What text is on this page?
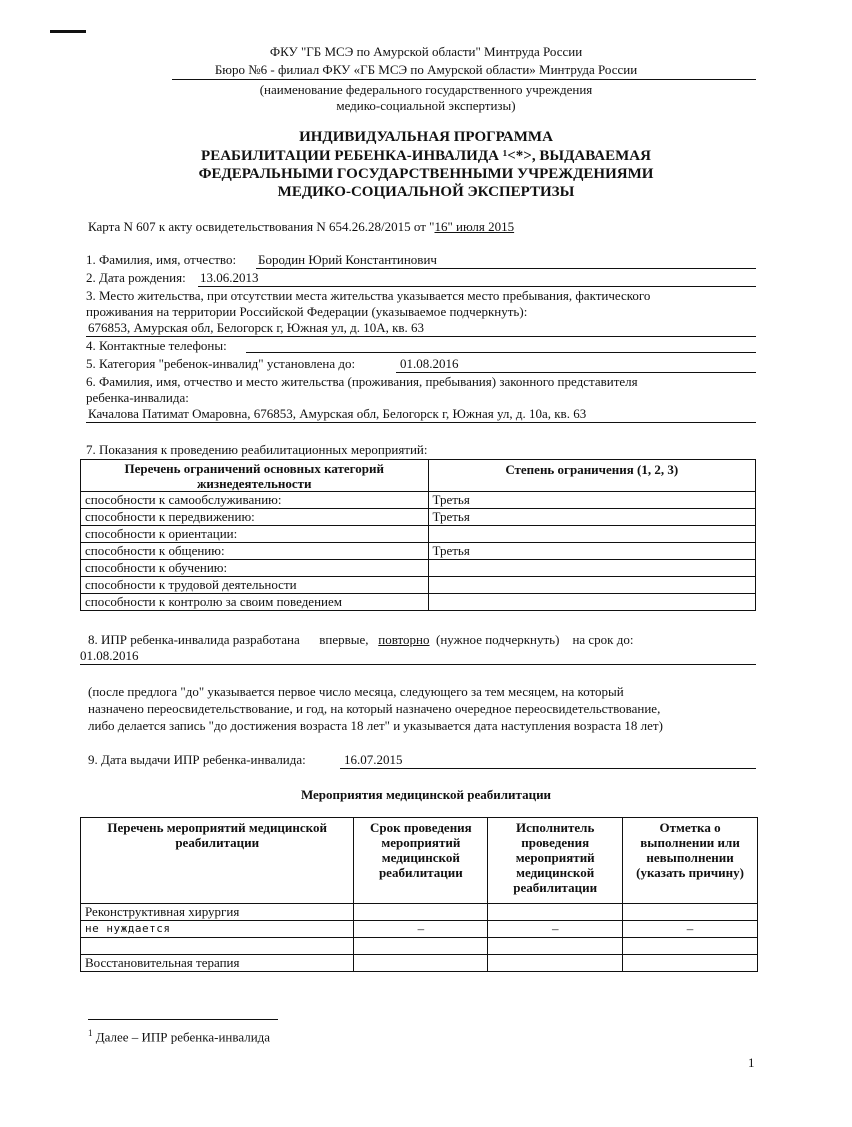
ФКУ "ГБ МСЭ по Амурской области" Минтруда России
Бюро №6 - филиал ФКУ «ГБ МСЭ по Амурской области» Минтруда России
(наименование федерального государственного учреждения
медико-социальной экспертизы)
ИНДИВИДУАЛЬНАЯ ПРОГРАММА
РЕАБИЛИТАЦИИ РЕБЕНКА-ИНВАЛИДА ¹<*>, ВЫДАВАЕМАЯ
ФЕДЕРАЛЬНЫМИ ГОСУДАРСТВЕННЫМИ УЧРЕЖДЕНИЯМИ
МЕДИКО-СОЦИАЛЬНОЙ ЭКСПЕРТИЗЫ
Карта N 607 к акту освидетельствования N 654.26.28/2015 от "16" июля 2015
1. Фамилия, имя, отчество: Бородин Юрий Константинович
2. Дата рождения: 13.06.2013
3. Место жительства, при отсутствии места жительства указывается место пребывания, фактического
проживания на территории Российской Федерации (указываемое подчеркнуть):
676853, Амурская обл, Белогорск г, Южная ул, д. 10А, кв. 63
4. Контактные телефоны:
5. Категория "ребенок-инвалид" установлена до:	01.08.2016
6. Фамилия, имя, отчество и место жительства (проживания, пребывания) законного представителя
ребенка-инвалида:
Качалова Патимат Омаровна, 676853, Амурская обл, Белогорск г, Южная ул, д. 10а, кв. 63
7. Показания к проведению реабилитационных мероприятий:
Перечень ограничений основных категорий
жизнедеятельности	Степень ограничения (1, 2, 3)
способности к самообслуживанию:	Третья
способности к передвижению:	Третья
способности к ориентации:	
способности к общению:	Третья
способности к обучению:	
способности к трудовой деятельности	
способности к контролю за своим поведением	
8. ИПР ребенка-инвалида разработана впервые, повторно (нужное подчеркнуть) на срок до:
01.08.2016
(после предлога "до" указывается первое число месяца, следующего за тем месяцем, на который
назначено переосвидетельствование, и год, на который назначено очередное переосвидетельствование,
либо делается запись "до достижения возраста 18 лет" и указывается дата наступления возраста 18 лет)
9. Дата выдачи ИПР ребенка-инвалида:	16.07.2015
Мероприятия медицинской реабилитации
Перечень мероприятий медицинской
реабилитации	Срок проведения
мероприятий
медицинской
реабилитации	Исполнитель
проведения
мероприятий
медицинской
реабилитации	Отметка о
выполнении или
невыполнении
(указать причину)
Реконструктивная хирургия			
не нуждается	–	–	–

Восстановительная терапия			
$^1$ Далее – ИПР ребенка-инвалида
1
